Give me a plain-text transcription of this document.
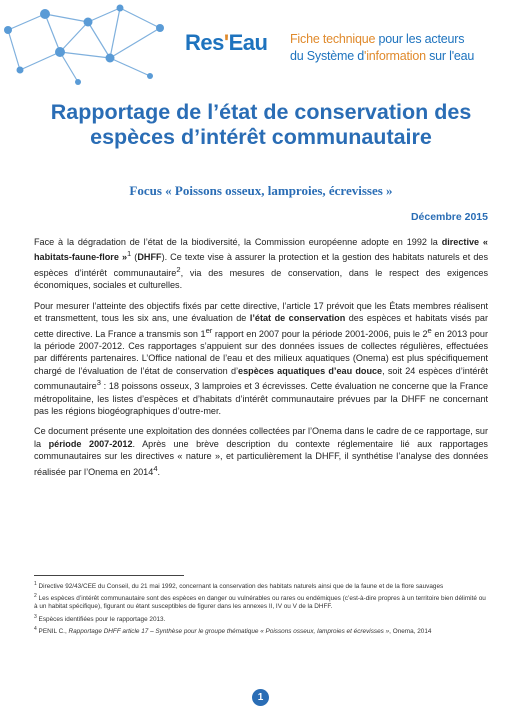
Res'Eau Fiche technique pour les acteurs
du Système d'information sur l'eau
Rapportage de l’état de conservation des espèces d’intérêt communautaire
Focus « Poissons osseux, lamproies, écrevisses »
Décembre 2015

Face à la dégradation de l’état de la biodiversité, la Commission européenne adopte en 1992 la directive « habitats-faune-flore »$^1$ (DHFF). Ce texte vise à assurer la protection et la gestion des habitats naturels et des espèces d’intérêt communautaire$^2$, via des mesures de conservation, dans le respect des exigences économiques, sociales et culturelles.

Pour mesurer l’atteinte des objectifs fixés par cette directive, l’article 17 prévoit que les États membres réalisent et transmettent, tous les six ans, une évaluation de l’état de conservation des espèces et habitats visés par cette directive. La France a transmis son 1er rapport en 2007 pour la période 2001-2006, puis le 2e en 2013 pour la période 2007-2012. Ces rapportages s’appuient sur des données issues de collectes régulières, effectuées par différents partenaires. L’Office national de l’eau et des milieux aquatiques (Onema) est plus spécifiquement chargé de l’évaluation de l’état de conservation d’espèces aquatiques d’eau douce, soit 24 espèces d’intérêt communautaire$^3$ : 18 poissons osseux, 3 lamproies et 3 écrevisses. Cette évaluation ne concerne que la France métropolitaine, les listes d’espèces et d’habitats d’intérêt communautaire prévues par la DHFF ne concernant pas les régions biogéographiques d’outre-mer.

Ce document présente une exploitation des données collectées par l’Onema dans le cadre de ce rapportage, sur la période 2007-2012. Après une brève description du contexte réglementaire lié aux rapportages communautaires sur les directives « nature », et particulièrement la DHFF, il synthétise l’analyse des données réalisée par l’Onema en 2014$^4$.

$^1$ Directive 92/43/CEE du Conseil, du 21 mai 1992, concernant la conservation des habitats naturels ainsi que de la faune et de la flore sauvages
$^2$ Les espèces d’intérêt communautaire sont des espèces en danger ou vulnérables ou rares ou endémiques (c’est-à-dire propres à un territoire bien délimité ou à un habitat spécifique), figurant ou étant susceptibles de figurer dans les annexes II, IV ou V de la DHFF.
$^3$ Espèces identifiées pour le rapportage 2013.
$^4$ PENIL C., Rapportage DHFF article 17 – Synthèse pour le groupe thématique « Poissons osseux, lamproies et écrevisses », Onema, 2014
1
